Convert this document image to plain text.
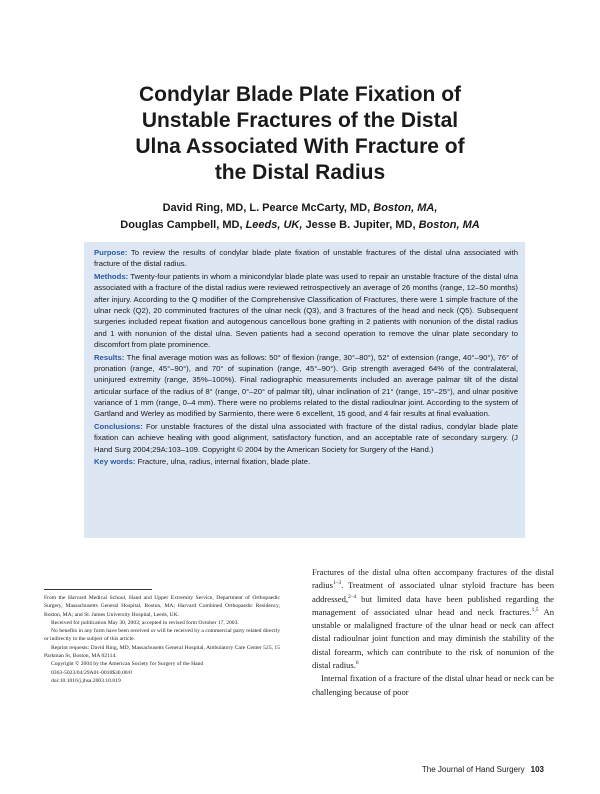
Condylar Blade Plate Fixation of
Unstable Fractures of the Distal
Ulna Associated With Fracture of
the Distal Radius

David Ring, MD, L. Pearce McCarty, MD, Boston, MA,
Douglas Campbell, MD, Leeds, UK, Jesse B. Jupiter, MD, Boston, MA

Purpose: To review the results of condylar blade plate fixation of unstable fractures of the distal ulna associated with fracture of the distal radius.

Methods: Twenty-four patients in whom a minicondylar blade plate was used to repair an unstable fracture of the distal ulna associated with a fracture of the distal radius were reviewed retrospectively an average of 26 months (range, 12–50 months) after injury. According to the Q modifier of the Comprehensive Classification of Fractures, there were 1 simple fracture of the ulnar neck (Q2), 20 comminuted fractures of the ulnar neck (Q3), and 3 fractures of the head and neck (Q5). Subsequent surgeries included repeat fixation and autogenous cancellous bone grafting in 2 patients with nonunion of the distal radius and 1 with nonunion of the distal ulna. Seven patients had a second operation to remove the ulnar plate secondary to discomfort from plate prominence.

Results: The final average motion was as follows: 50° of flexion (range, 30°–80°), 52° of extension (range, 40°–90°), 76° of pronation (range, 45°–90°), and 70° of supination (range, 45°–90°). Grip strength averaged 64% of the contralateral, uninjured extremity (range, 35%–100%). Final radiographic measurements included an average palmar tilt of the distal articular surface of the radius of 8° (range, 0°–20° of palmar tilt), ulnar inclination of 21° (range, 15°–25°), and ulnar positive variance of 1 mm (range, 0–4 mm). There were no problems related to the distal radioulnar joint. According to the system of Gartland and Werley as modified by Sarmiento, there were 6 excellent, 15 good, and 4 fair results at final evaluation.

Conclusions: For unstable fractures of the distal ulna associated with fracture of the distal radius, condylar blade plate fixation can achieve healing with good alignment, satisfactory function, and an acceptable rate of secondary surgery. (J Hand Surg 2004;29A:103–109. Copyright © 2004 by the American Society for Surgery of the Hand.)

Key words: Fracture, ulna, radius, internal fixation, blade plate.

From the Harvard Medical School, Hand and Upper Extremity Service, Department of Orthopaedic Surgery, Massachusetts General Hospital, Boston, MA; Harvard Combined Orthopaedic Residency, Boston, MA; and St. James University Hospital, Leeds, UK.

Received for publication May 30, 2003; accepted in revised form October 17, 2003.

No benefits in any form have been received or will be received by a commercial party related directly or indirectly to the subject of this article.

Reprint requests: David Ring, MD, Massachusetts General Hospital, Ambulatory Care Center 525, 15 Parkman St, Boston, MA 02114.

Copyright © 2004 by the American Society for Surgery of the Hand

0363-5023/04/29A01-0018$30.00/0

doi:10.1016/j.jhsa.2003.10.019

Fractures of the distal ulna often accompany fractures of the distal radius$^{1-3}$. Treatment of associated ulnar styloid fracture has been addressed,$^{2-4}$ but limited data have been published regarding the management of associated ulnar head and neck fractures.$^{1,5}$ An unstable or malaligned fracture of the ulnar head or neck can affect distal radioulnar joint function and may diminish the stability of the distal forearm, which can contribute to the risk of nonunion of the distal radius.$^6$

Internal fixation of a fracture of the distal ulnar head or neck can be challenging because of poor

The Journal of Hand Surgery 103
